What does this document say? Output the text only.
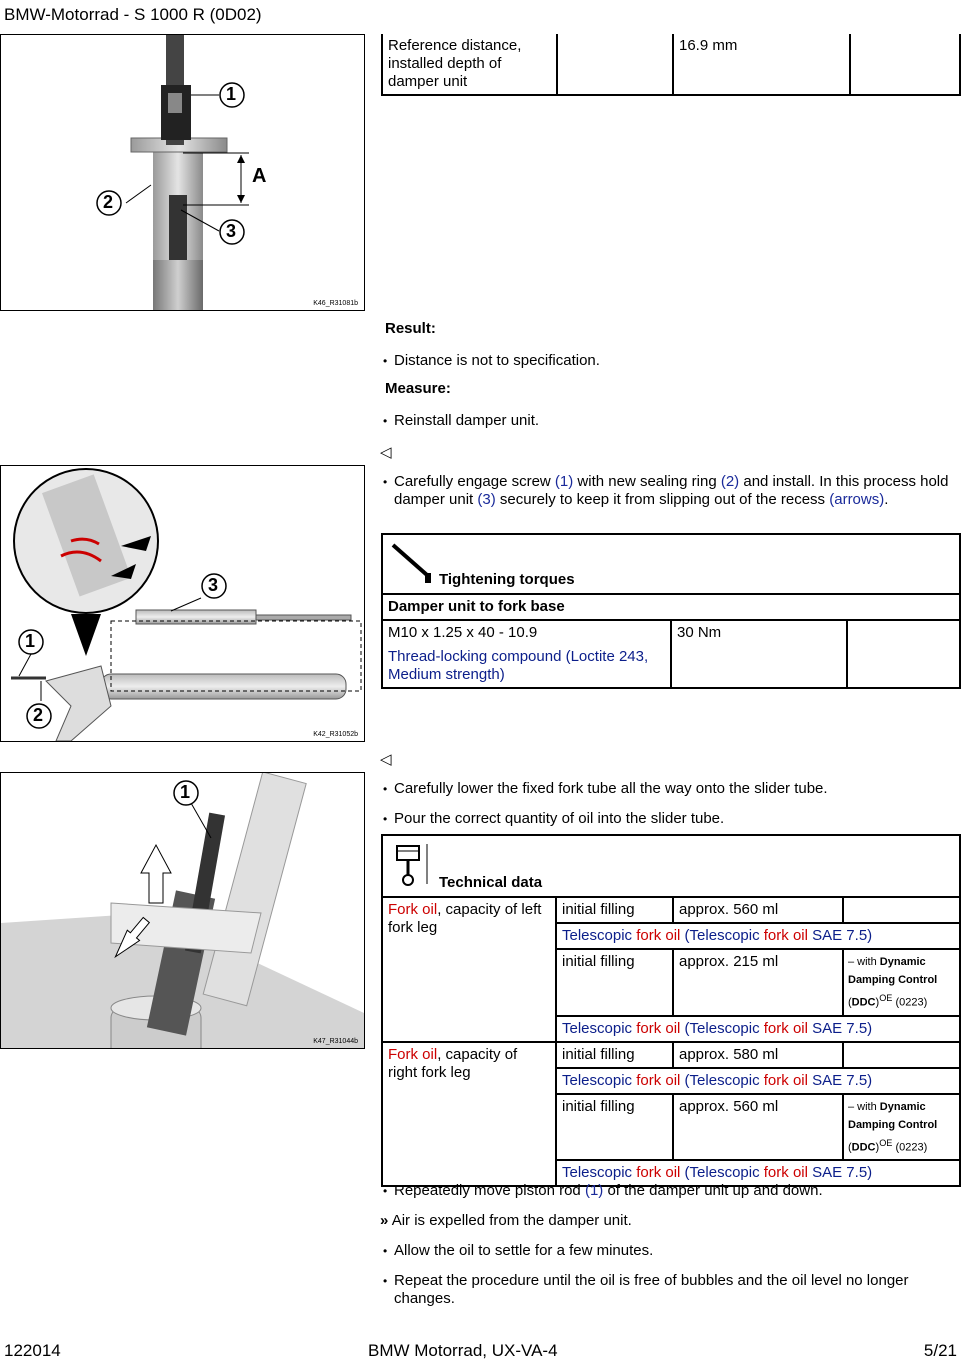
BMW-Motorrad - S 1000 R (0D02)
1
2
3
A
K46_R31081b
Reference distance, installed depth of damper unit		16.9 mm	
Result:
• Distance is not to specification.
Measure:
• Reinstall damper unit.
◁
3
1
2
K42_R31052b
• Carefully engage screw (1) with new sealing ring (2) and install. In this process hold damper unit (3) securely to keep it from slipping out of the recess (arrows).
Tightening torques

Damper unit to fork base

M10 x 1.25 x 40 - 10.9
Thread-locking compound (Loctite 243, Medium strength)
	30 Nm	
◁
1
K47_R31044b
• Carefully lower the fixed fork tube all the way onto the slider tube.
• Pour the correct quantity of oil into the slider tube.
Technical data			

Fork oil, capacity of left fork leg	initial filling	approx. 560 ml	
	Telescopic fork oil (Telescopic fork oil SAE 7.5)		
	initial filling	approx. 215 ml	– with Dynamic Damping Control (DDC)$^{OE}$ (0223)
	Telescopic fork oil (Telescopic fork oil SAE 7.5)		
Fork oil, capacity of right fork leg	initial filling	approx. 580 ml	
	Telescopic fork oil (Telescopic fork oil SAE 7.5)		
	initial filling	approx. 560 ml	– with Dynamic Damping Control (DDC)$^{OE}$ (0223)
	Telescopic fork oil (Telescopic fork oil SAE 7.5)		
• Repeatedly move piston rod (1) of the damper unit up and down.
» Air is expelled from the damper unit.
• Allow the oil to settle for a few minutes.
• Repeat the procedure until the oil is free of bubbles and the oil level no longer changes.
122014	BMW Motorrad, UX-VA-4	5/21
